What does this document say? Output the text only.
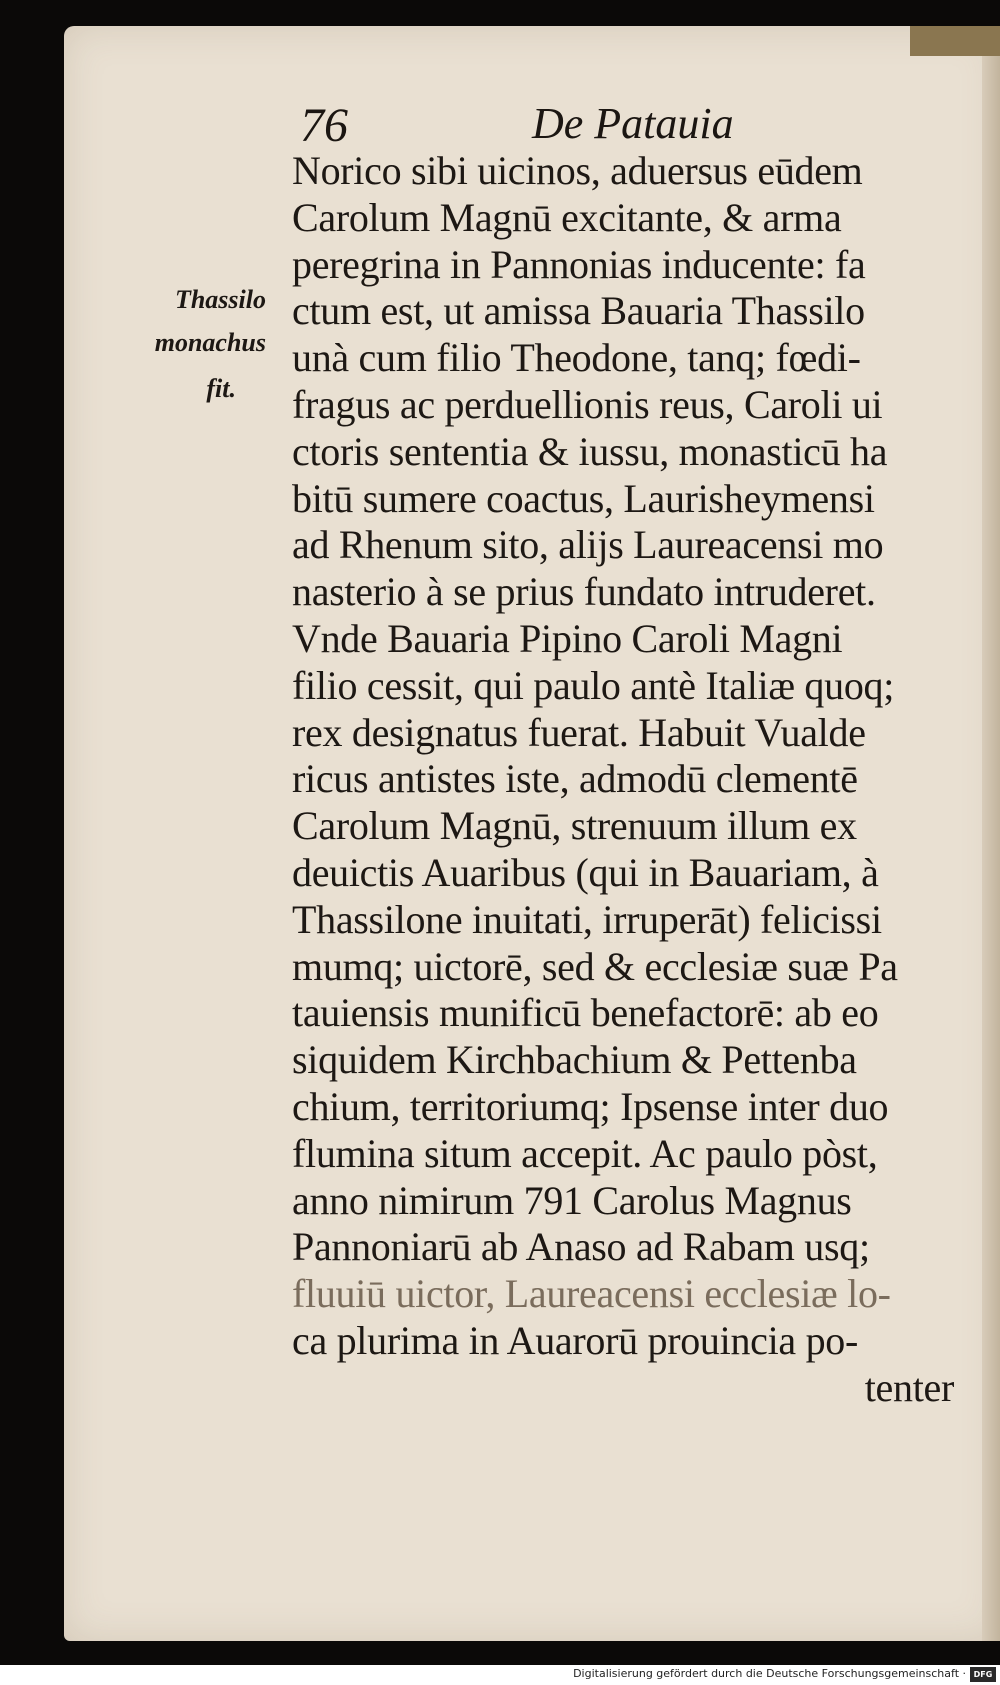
76	De Patauia
Thassilo
monachus
fit.
Norico sibi uicinos, aduersus eūdem
Carolum Magnū excitante, & arma
peregrina in Pannonias inducente: fa
ctum est, ut amissa Bauaria Thassilo
unà cum filio Theodone, tanq; fœdi-
fragus ac perduellionis reus, Caroli ui
ctoris sententia & iussu, monasticū ha
bitū sumere coactus, Laurisheymensi
ad Rhenum sito, alijs Laureacensi mo
nasterio à se prius fundato intruderet.
Vnde Bauaria Pipino Caroli Magni
filio cessit, qui paulo antè Italiæ quoq;
rex designatus fuerat. Habuit Vualde
ricus antistes iste, admodū clementē
Carolum Magnū, strenuum illum ex
deuictis Auaribus (qui in Bauariam, à
Thassilone inuitati, irruperāt) felicissi
mumq; uictorē, sed & ecclesiæ suæ Pa
tauiensis munificū benefactorē: ab eo
siquidem Kirchbachium & Pettenba
chium, territoriumq; Ipsense inter duo
flumina situm accepit. Ac paulo pòst,
anno nimirum 791 Carolus Magnus
Pannoniarū ab Anaso ad Rabam usq;
fluuiū uictor, Laureacensi ecclesiæ lo-
ca plurima in Auarorū prouincia po-
tenter
Digitalisierung gefördert durch die Deutsche Forschungsgemeinschaft · DFG
